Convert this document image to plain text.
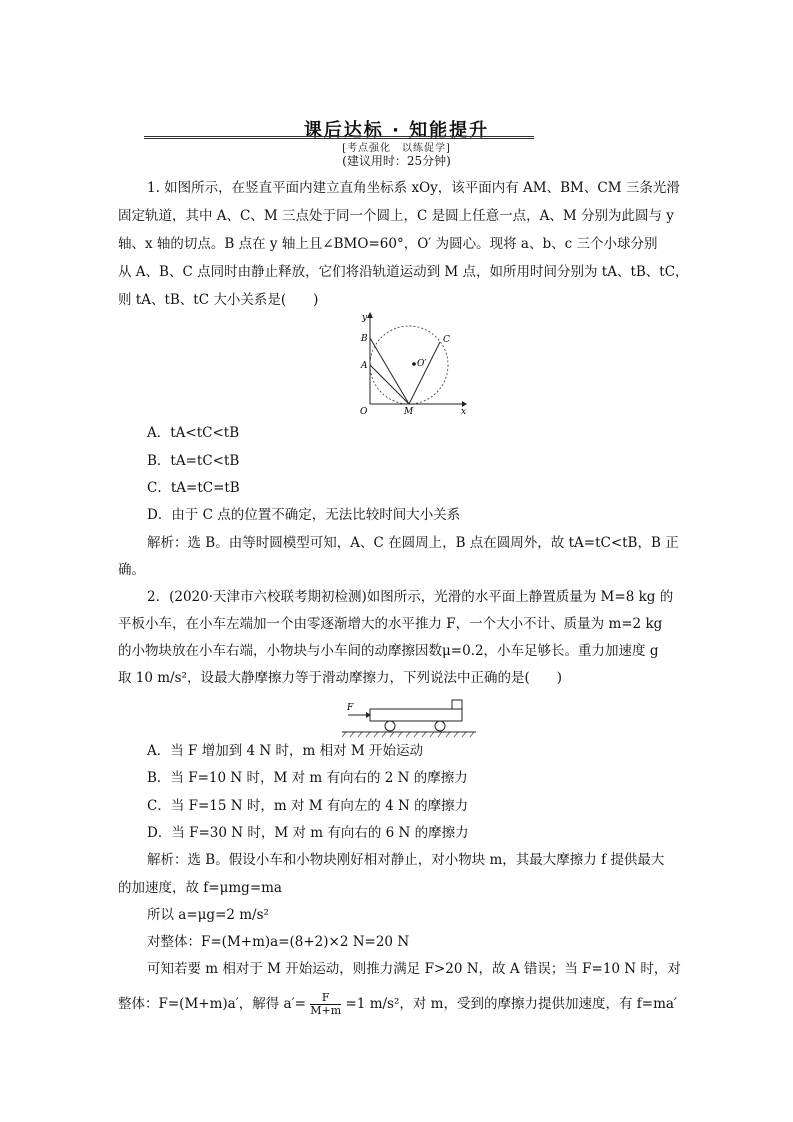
课后达标 · 知能提升
[考点强化　以练促学]
(建议用时：25分钟)
1. 如图所示，在竖直平面内建立直角坐标系 xOy，该平面内有 AM、BM、CM 三条光滑
固定轨道，其中 A、C、M 三点处于同一个圆上，C 是圆上任意一点，A、M 分别为此圆与 y
轴、x 轴的切点。B 点在 y 轴上且∠BMO=60°，O′ 为圆心。现将 a、b、c 三个小球分别
从 A、B、C 点同时由静止释放，它们将沿轨道运动到 M 点，如所用时间分别为 tA、tB、tC，
则 tA、tB、tC 大小关系是(　　)
y
x
O
A
B	C
M
O′
A．tA<tC<tB
B．tA=tC<tB
C．tA=tC=tB
D．由于 C 点的位置不确定，无法比较时间大小关系
解析：选 B。由等时圆模型可知，A、C 在圆周上，B 点在圆周外，故 tA=tC<tB，B 正
确。
2．(2020·天津市六校联考期初检测)如图所示，光滑的水平面上静置质量为 M=8 kg 的
平板小车，在小车左端加一个由零逐渐增大的水平推力 F，一个大小不计、质量为 m=2 kg
的小物块放在小车右端，小物块与小车间的动摩擦因数μ=0.2，小车足够长。重力加速度 g
取 10 m/s²，设最大静摩擦力等于滑动摩擦力，下列说法中正确的是(　　)
F
A．当 F 增加到 4 N 时，m 相对 M 开始运动
B．当 F=10 N 时，M 对 m 有向右的 2 N 的摩擦力
C．当 F=15 N 时，m 对 M 有向左的 4 N 的摩擦力
D．当 F=30 N 时，M 对 m 有向右的 6 N 的摩擦力
解析：选 B。假设小车和小物块刚好相对静止，对小物块 m，其最大摩擦力 f 提供最大
的加速度，故 f=μmg=ma
所以 a=μg=2 m/s²
对整体：F=(M+m)a=(8+2)×2 N=20 N
可知若要 m 相对于 M 开始运动，则推力满足 F>20 N，故 A 错误；当 F=10 N 时，对
整体：F=(M+m)a′，解得 $a'= \frac{F}{M+m} =1$ m/s²，对 m，受到的摩擦力提供加速度，有 f=ma′
